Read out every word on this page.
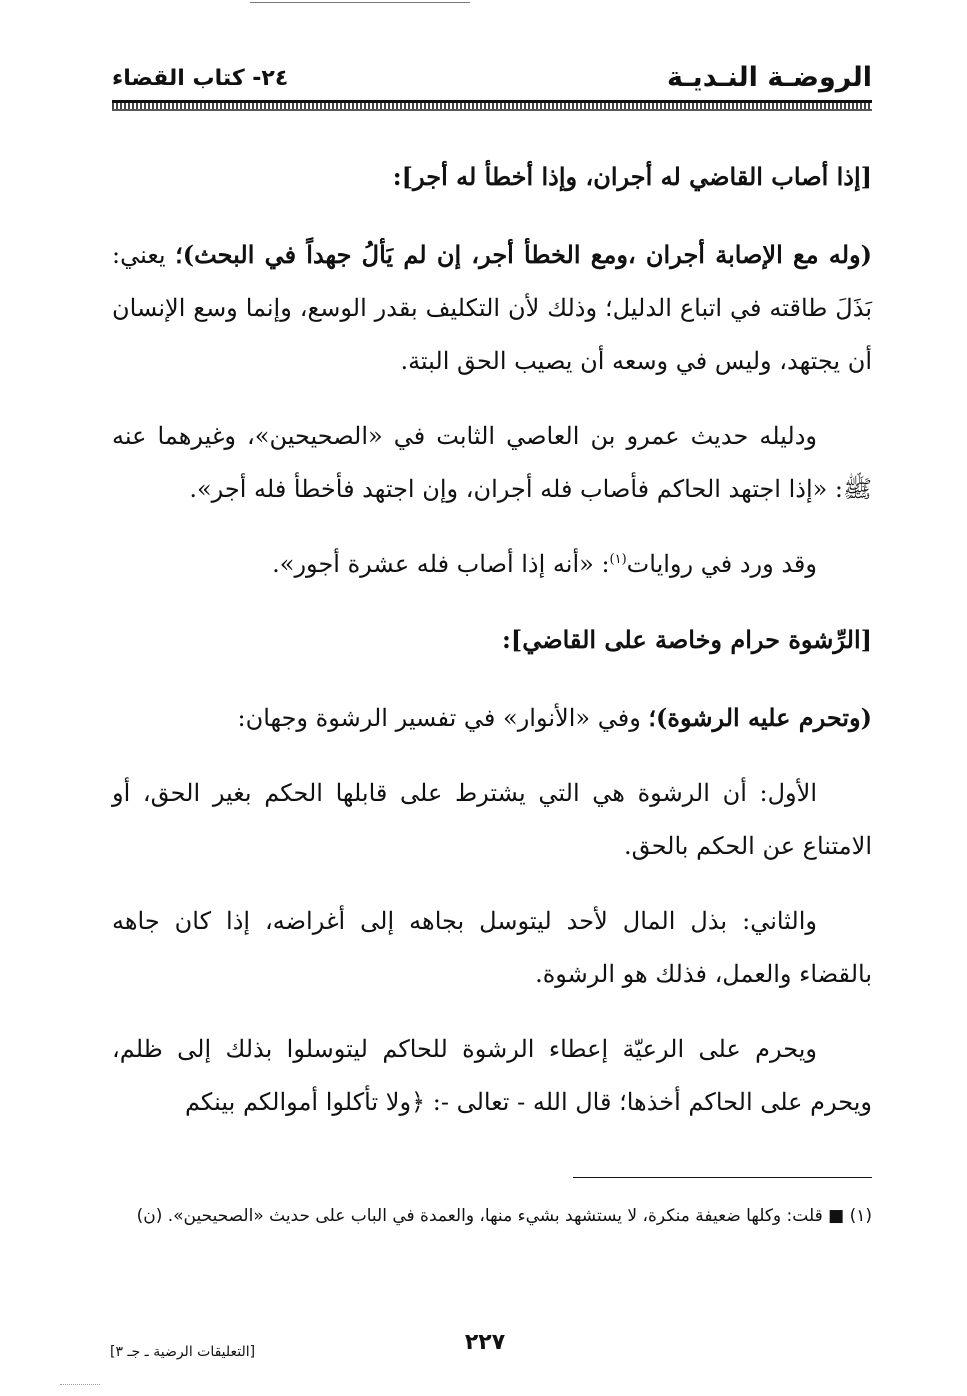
الروضـة النـديـة
٢٤- كتاب القضاء

[إذا أصاب القاضي له أجران، وإذا أخطأ له أجر]:

(وله مع الإصابة أجران ،ومع الخطأ أجر، إن لم يَألُ جهداً في البحث)؛ يعني: بَذَلَ طاقته في اتباع الدليل؛ وذلك لأن التكليف بقدر الوسع، وإنما وسع الإنسان أن يجتهد، وليس في وسعه أن يصيب الحق البتة.

ودليله حديث عمرو بن العاصي الثابت في «الصحيحين»، وغيرهما عنه ﷺ: «إذا اجتهد الحاكم فأصاب فله أجران، وإن اجتهد فأخطأ فله أجر».

وقد ورد في روايات$^{(١)}$: «أنه إذا أصاب فله عشرة أجور».

[الرِّشوة حرام وخاصة على القاضي]:

(وتحرم عليه الرشوة)؛ وفي «الأنوار» في تفسير الرشوة وجهان:

الأول: أن الرشوة هي التي يشترط على قابلها الحكم بغير الحق، أو الامتناع عن الحكم بالحق.

والثاني: بذل المال لأحد ليتوسل بجاهه إلى أغراضه، إذا كان جاهه بالقضاء والعمل، فذلك هو الرشوة.

ويحرم على الرعيّة إعطاء الرشوة للحاكم ليتوسلوا بذلك إلى ظلم، ويحرم على الحاكم أخذها؛ قال الله - تعالى -: ﴿ولا تأكلوا أموالكم بينكم

(١) ■ قلت: وكلها ضعيفة منكرة، لا يستشهد بشيء منها، والعمدة في الباب على حديث «الصحيحين». (ن)

٢٢٧
[التعليقات الرضية ـ جـ ٣]
